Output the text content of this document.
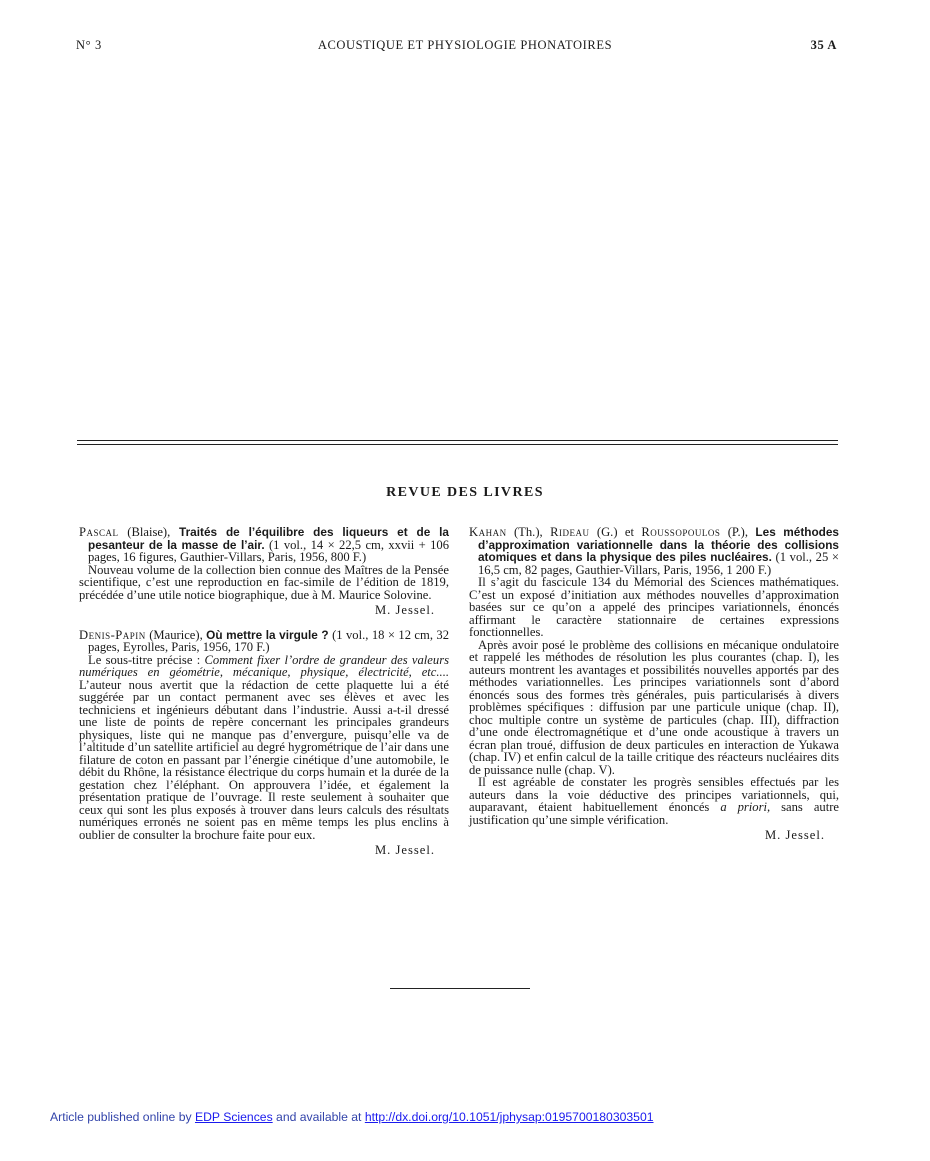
N° 3	ACOUSTIQUE ET PHYSIOLOGIE PHONATOIRES	35 A
REVUE DES LIVRES

Pascal (Blaise), Traités de l’équilibre des liqueurs et de la pesanteur de la masse de l’air. (1 vol., 14 × 22,5 cm, xxvii + 106 pages, 16 figures, Gauthier-Villars, Paris, 1956, 800 F.)

Nouveau volume de la collection bien connue des Maîtres de la Pensée scientifique, c’est une reproduction en fac-simile de l’édition de 1819, précédée d’une utile notice biographique, due à M. Maurice Solovine.

M. Jessel.

Denis-Papin (Maurice), Où mettre la virgule ? (1 vol., 18 × 12 cm, 32 pages, Eyrolles, Paris, 1956, 170 F.)

Le sous-titre précise : Comment fixer l’ordre de grandeur des valeurs numériques en géométrie, mécanique, physique, électricité, etc.... L’auteur nous avertit que la rédaction de cette plaquette lui a été suggérée par un contact permanent avec ses élèves et avec les techniciens et ingénieurs débutant dans l’industrie. Aussi a-t-il dressé une liste de points de repère concernant les principales grandeurs physiques, liste qui ne manque pas d’envergure, puisqu’elle va de l’altitude d’un satellite artificiel au degré hygrométrique de l’air dans une filature de coton en passant par l’énergie cinétique d’une automobile, le débit du Rhône, la résistance électrique du corps humain et la durée de la gestation chez l’éléphant. On approuvera l’idée, et également la présentation pratique de l’ouvrage. Il reste seulement à souhaiter que ceux qui sont les plus exposés à trouver dans leurs calculs des résultats numériques erronés ne soient pas en même temps les plus enclins à oublier de consulter la brochure faite pour eux.

M. Jessel.

Kahan (Th.), Rideau (G.) et Roussopoulos (P.), Les méthodes d’approximation variationnelle dans la théorie des collisions atomiques et dans la physique des piles nucléaires. (1 vol., 25 × 16,5 cm, 82 pages, Gauthier-Villars, Paris, 1956, 1 200 F.)

Il s’agit du fascicule 134 du Mémorial des Sciences mathématiques. C’est un exposé d’initiation aux méthodes nouvelles d’approximation basées sur ce qu’on a appelé des principes variationnels, énoncés affirmant le caractère stationnaire de certaines expressions fonctionnelles.

Après avoir posé le problème des collisions en mécanique ondulatoire et rappelé les méthodes de résolution les plus courantes (chap. I), les auteurs montrent les avantages et possibilités nouvelles apportés par des méthodes variationnelles. Les principes variationnels sont d’abord énoncés sous des formes très générales, puis particularisés à divers problèmes spécifiques : diffusion par une particule unique (chap. II), choc multiple contre un système de particules (chap. III), diffraction d’une onde électromagnétique et d’une onde acoustique à travers un écran plan troué, diffusion de deux particules en interaction de Yukawa (chap. IV) et enfin calcul de la taille critique des réacteurs nucléaires dits de puissance nulle (chap. V).

Il est agréable de constater les progrès sensibles effectués par les auteurs dans la voie déductive des principes variationnels, qui, auparavant, étaient habituellement énoncés a priori, sans autre justification qu’une simple vérification.

M. Jessel.

Article published online by EDP Sciences and available at http://dx.doi.org/10.1051/jphysap:0195700180303501
